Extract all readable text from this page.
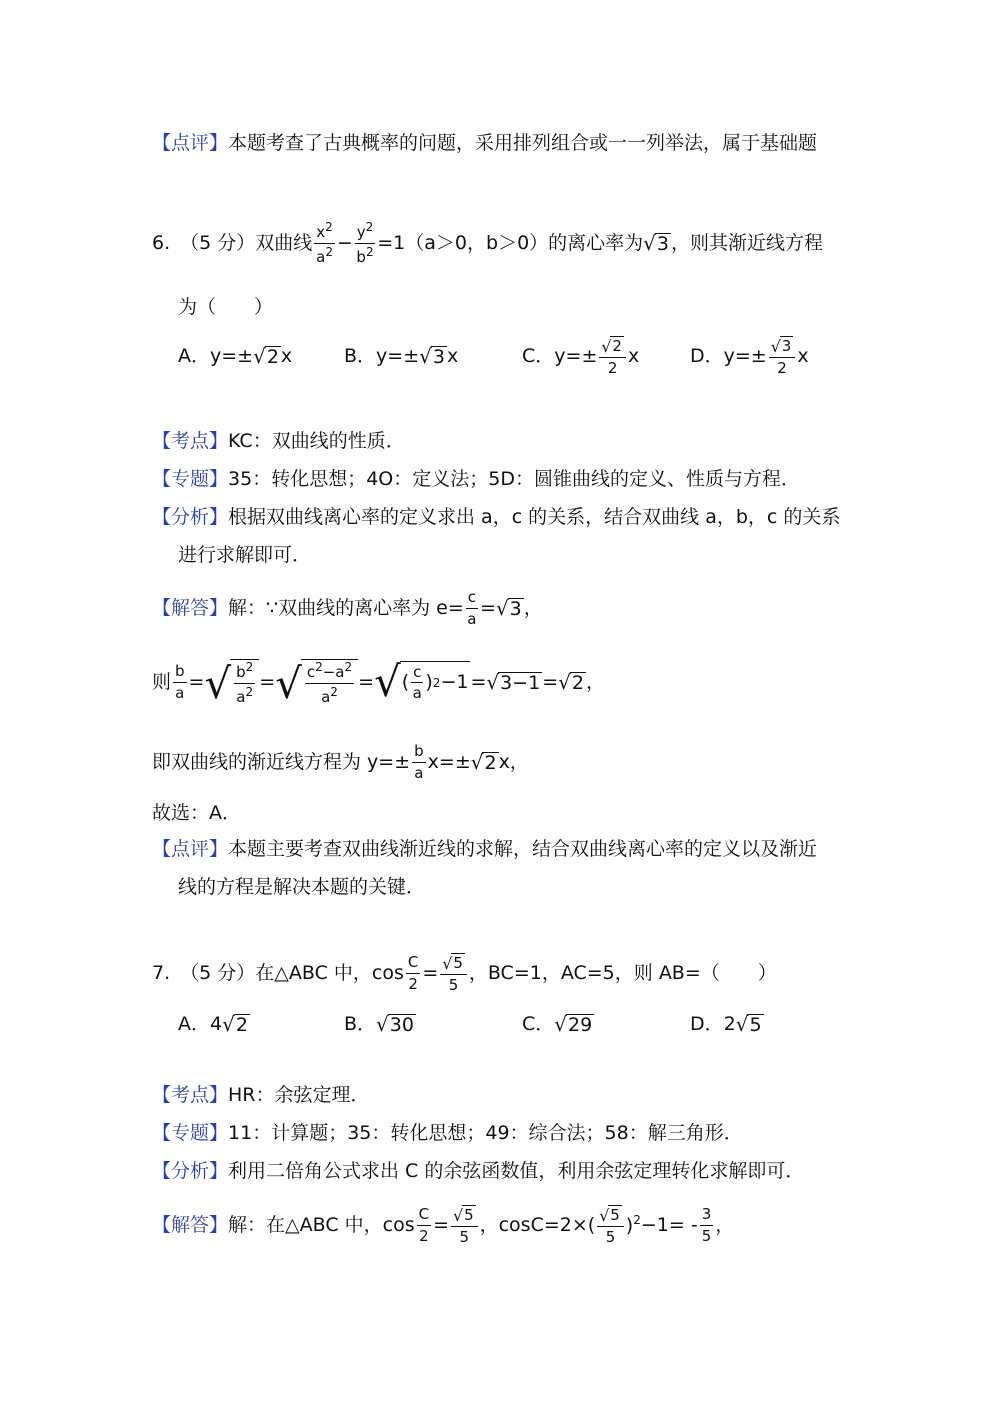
【点评】 本题考查了古典概率的问题，采用排列组合或一一列举法，属于基础题
6. （5 分）双曲线 $\frac{x^2}{a^2} - \frac{y^2}{b^2} =1(a>0$，b＞0）的离心率为 √ 3 ，则其渐近线方程
为（　　）
A． y=± √ 2 x	B． y=± √ 3 x	C． $y=\pm \frac{√ 2}{2}$ x	D． $y=\pm \frac{√ 3}{2}$ x
【考点】 KC：双曲线的性质．
【专题】 35：转化思想；4O：定义法；5D：圆锥曲线的定义、性质与方程．
【分析】 根据双曲线离心率的定义求出 a，c 的关系，结合双曲线 a，b，c 的关系
进行求解即可．
【解答】 解：∵双曲线的离心率为 $e= \frac{c}{a}$ = √ 3 ，
则 $\frac{b}{a}$ = √ $\frac{b^2}{a^2}$ = √ $\frac{c^2-a^2}{a^2}$ = √ ( $\frac{c}{a}$ ) 2 −1 = √ 3−1 = √ 2 ，
即双曲线的渐近线方程为 $y=\pm \frac{b}{a} x=\pm$ √ 2 x，
故选：A．
【点评】 本题主要考查双曲线渐近线的求解，结合双曲线离心率的定义以及渐近
线的方程是解决本题的关键．
7. （5 分）在△ABC 中，$\cos \frac{C}{2} = \frac{√ 5}{5}$ ，BC=1，AC=5，则 AB=（　　）
A． 4 √ 2	B． √ 30	C． √ 29	D． 2 √ 5
【考点】 HR：余弦定理．
【专题】 11：计算题；35：转化思想；49：综合法；58：解三角形．
【分析】 利用二倍角公式求出 C 的余弦函数值，利用余弦定理转化求解即可．
【解答】 解：在△ABC 中，$\cos \frac{C}{2} = \frac{√ 5}{5}$ ，cosC=2× ( $\frac{√ 5}{5} )^2 -1= - \frac{3}{5}$ ，
